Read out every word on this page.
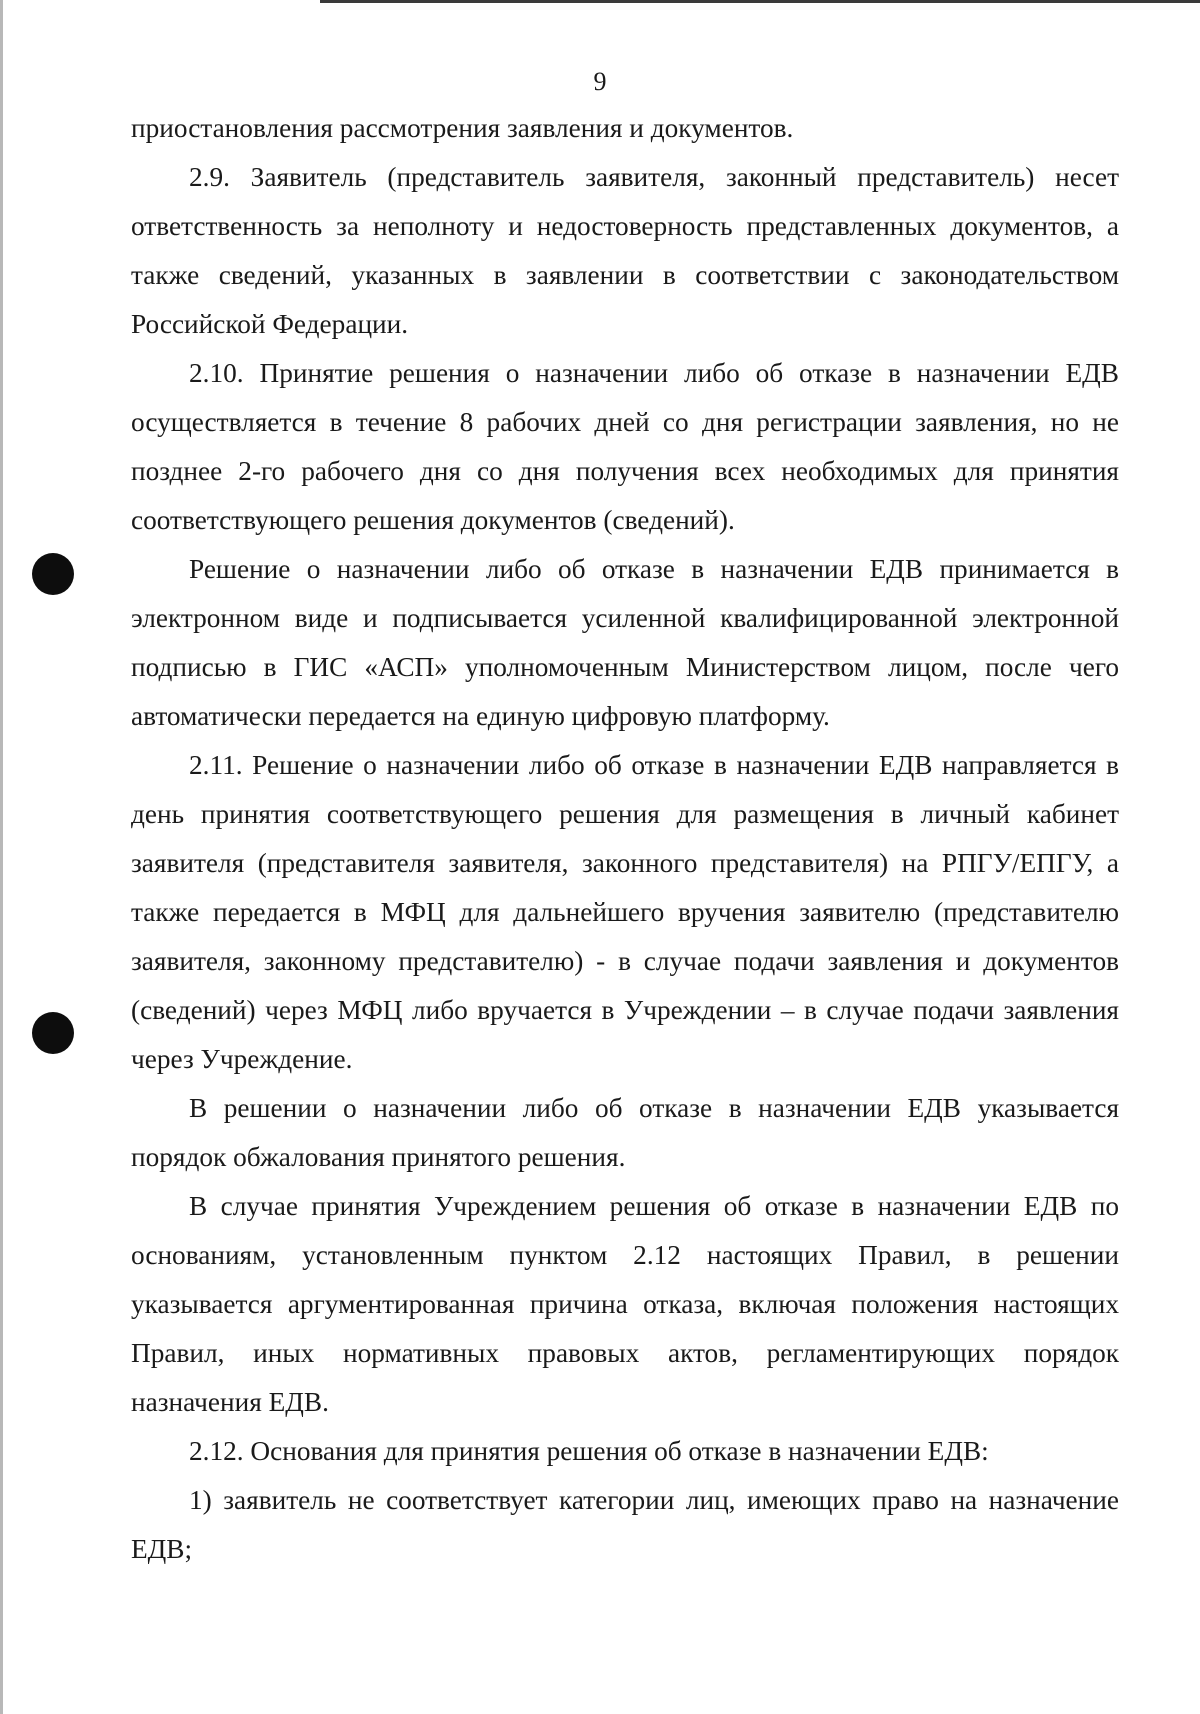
9

приостановления рассмотрения заявления и документов.

2.9. Заявитель (представитель заявителя, законный представитель) несет ответственность за неполноту и недостоверность представленных документов, а также сведений, указанных в заявлении в соответствии с законодательством Российской Федерации.

2.10. Принятие решения о назначении либо об отказе в назначении ЕДВ осуществляется в течение 8 рабочих дней со дня регистрации заявления, но не позднее 2-го рабочего дня со дня получения всех необходимых для принятия соответствующего решения документов (сведений).

Решение о назначении либо об отказе в назначении ЕДВ принимается в электронном виде и подписывается усиленной квалифицированной электронной подписью в ГИС «АСП» уполномоченным Министерством лицом, после чего автоматически передается на единую цифровую платформу.

2.11. Решение о назначении либо об отказе в назначении ЕДВ направляется в день принятия соответствующего решения для размещения в личный кабинет заявителя (представителя заявителя, законного представителя) на РПГУ/ЕПГУ, а также передается в МФЦ для дальнейшего вручения заявителю (представителю заявителя, законному представителю) - в случае подачи заявления и документов (сведений) через МФЦ либо вручается в Учреждении – в случае подачи заявления через Учреждение.

В решении о назначении либо об отказе в назначении ЕДВ указывается порядок обжалования принятого решения.

В случае принятия Учреждением решения об отказе в назначении ЕДВ по основаниям, установленным пунктом 2.12 настоящих Правил, в решении указывается аргументированная причина отказа, включая положения настоящих Правил, иных нормативных правовых актов, регламентирующих порядок назначения ЕДВ.

2.12. Основания для принятия решения об отказе в назначении ЕДВ:

1) заявитель не соответствует категории лиц, имеющих право на назначение ЕДВ;
